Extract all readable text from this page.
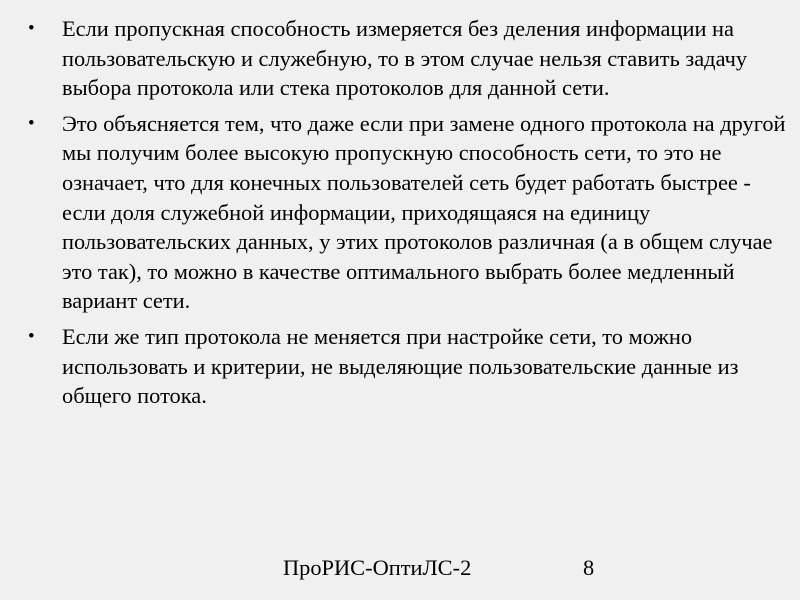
• Если пропускная способность измеряется без деления информации на пользовательскую и служебную, то в этом случае нельзя ставить задачу выбора протокола или стека протоколов для данной сети.
• Это объясняется тем, что даже если при замене одного протокола на другой мы получим более высокую пропускную способность сети, то это не означает, что для конечных пользователей сеть будет работать быстрее - если доля служебной информации, приходящаяся на единицу пользовательских данных, у этих протоколов различная (а в общем случае это так), то можно в качестве оптимального выбрать более медленный вариант сети.
• Если же тип протокола не меняется при настройке сети, то можно использовать и критерии, не выделяющие пользовательские данные из общего потока.
ПроРИС-ОптиЛС-2	8
